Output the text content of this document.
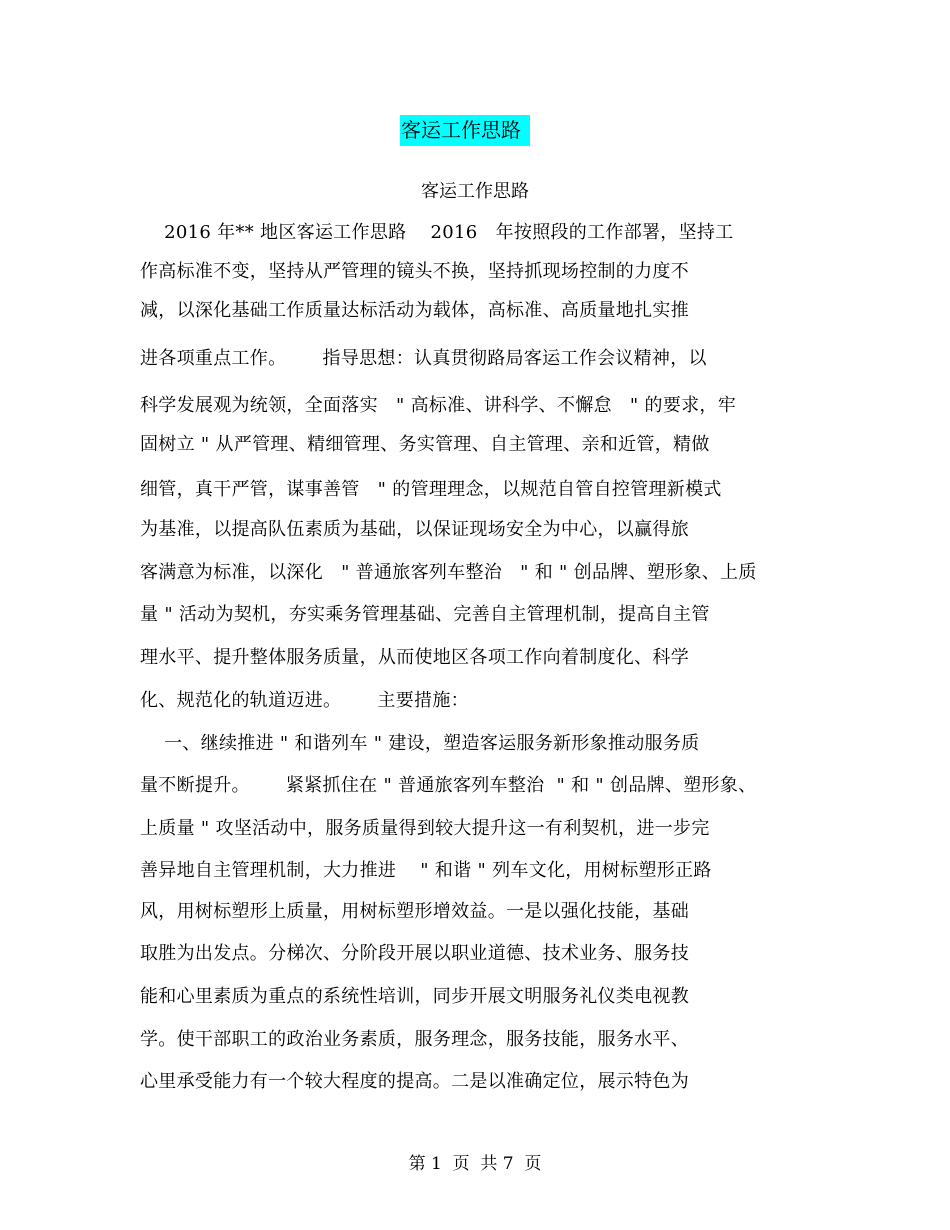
客运工作思路
客运工作思路
2016 年** 地区客运工作思路    2016   年按照段的工作部署，坚持工
作高标准不变，坚持从严管理的镜头不换，坚持抓现场控制的力度不
减，以深化基础工作质量达标活动为载体，高标准、高质量地扎实推
进各项重点工作。      指导思想：认真贯彻路局客运工作会议精神，以
科学发展观为统领，全面落实   " 高标准、讲科学、不懈怠   " 的要求，牢
固树立 " 从严管理、精细管理、务实管理、自主管理、亲和近管，精做
细管，真干严管，谋事善管   " 的管理理念，以规范自管自控管理新模式
为基准，以提高队伍素质为基础，以保证现场安全为中心，以赢得旅
客满意为标准，以深化   " 普通旅客列车整治   " 和 " 创品牌、塑形象、上质
量 " 活动为契机，夯实乘务管理基础、完善自主管理机制，提高自主管
理水平、提升整体服务质量，从而使地区各项工作向着制度化、科学
化、规范化的轨道迈进。      主要措施：
一、继续推进 " 和谐列车 " 建设，塑造客运服务新形象推动服务质
量不断提升。      紧紧抓住在 " 普通旅客列车整治  " 和 " 创品牌、塑形象、
上质量 " 攻坚活动中，服务质量得到较大提升这一有利契机，进一步完
善异地自主管理机制，大力推进    " 和谐 " 列车文化，用树标塑形正路
风，用树标塑形上质量，用树标塑形增效益。一是以强化技能，基础
取胜为出发点。分梯次、分阶段开展以职业道德、技术业务、服务技
能和心里素质为重点的系统性培训，同步开展文明服务礼仪类电视教
学。使干部职工的政治业务素质，服务理念，服务技能，服务水平、
心里承受能力有一个较大程度的提高。二是以准确定位，展示特色为
第 1  页  共 7  页
